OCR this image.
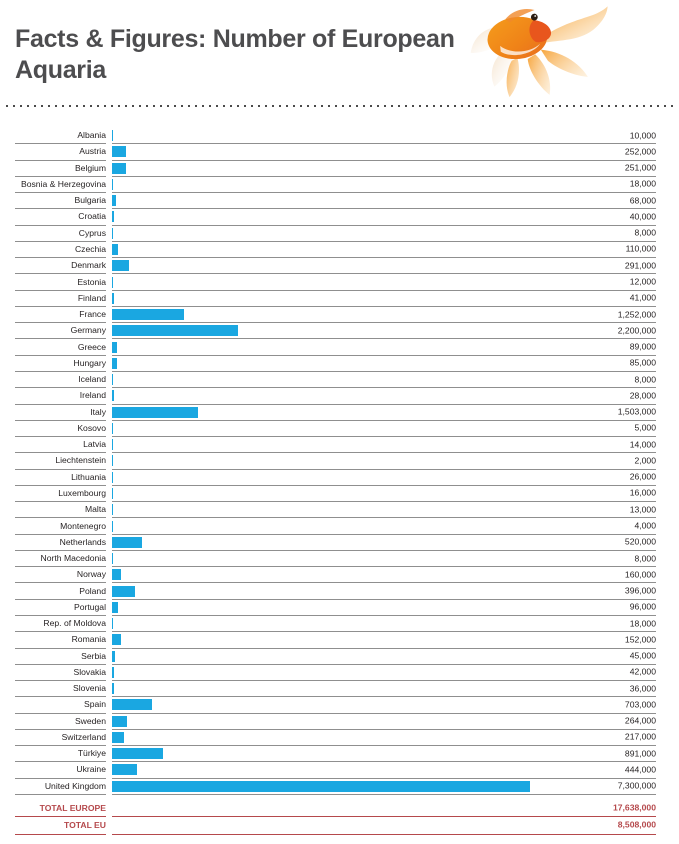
Facts & Figures: Number of European Aquaria
Albania	10,000
Austria	252,000
Belgium	251,000
Bosnia & Herzegovina	18,000
Bulgaria	68,000
Croatia	40,000
Cyprus	8,000
Czechia	110,000
Denmark	291,000
Estonia	12,000
Finland	41,000
France	1,252,000
Germany	2,200,000
Greece	89,000
Hungary	85,000
Iceland	8,000
Ireland	28,000
Italy	1,503,000
Kosovo	5,000
Latvia	14,000
Liechtenstein	2,000
Lithuania	26,000
Luxembourg	16,000
Malta	13,000
Montenegro	4,000
Netherlands	520,000
North Macedonia	8,000
Norway	160,000
Poland	396,000
Portugal	96,000
Rep. of Moldova	18,000
Romania	152,000
Serbia	45,000
Slovakia	42,000
Slovenia	36,000
Spain	703,000
Sweden	264,000
Switzerland	217,000
Türkiye	891,000
Ukraine	444,000
United Kingdom	7,300,000
TOTAL EUROPE	17,638,000
TOTAL EU	8,508,000
